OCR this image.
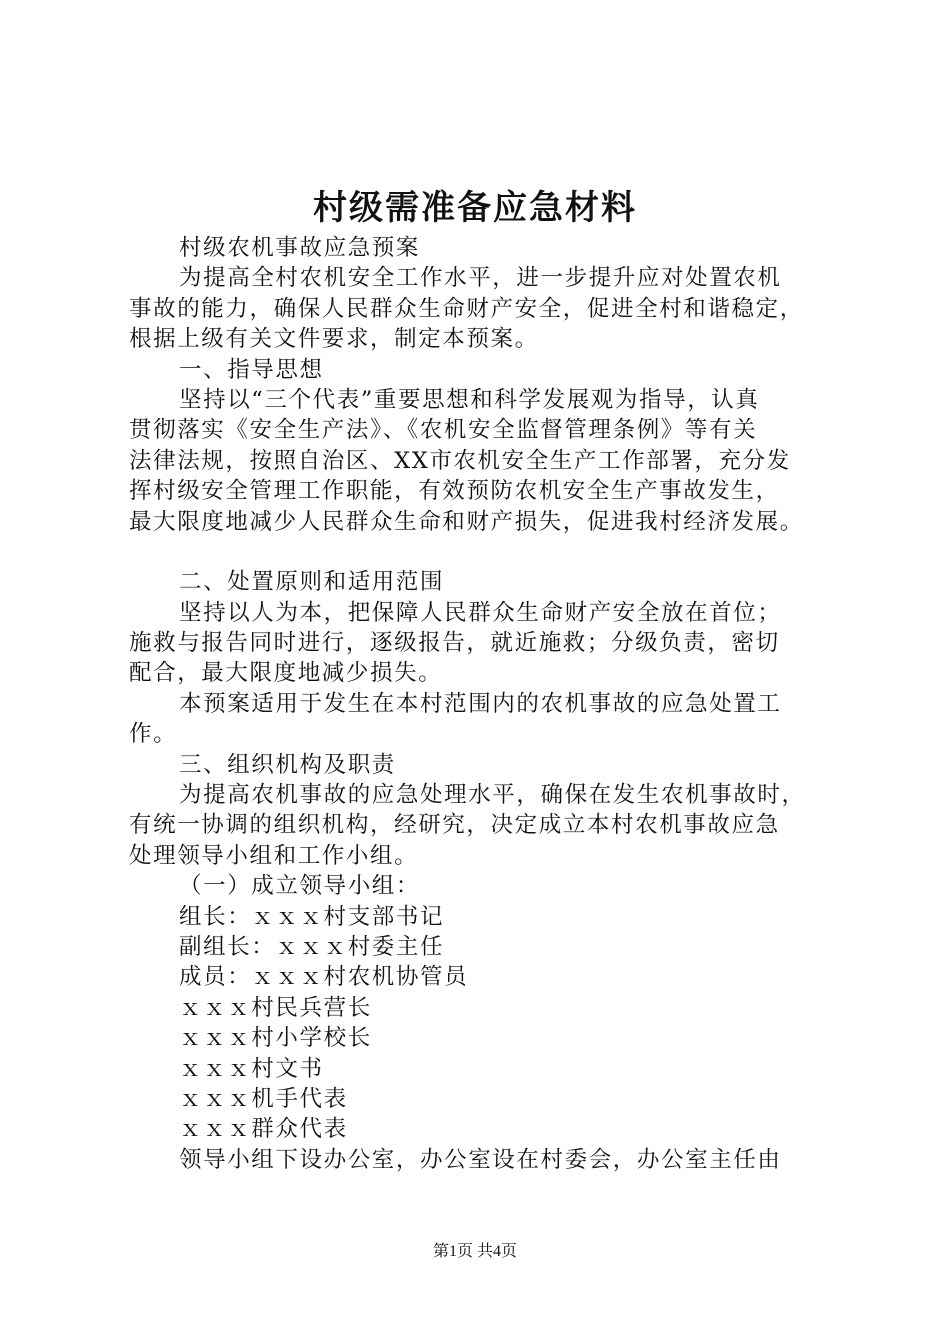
村级需准备应急材料
村级农机事故应急预案
为提高全村农机安全工作水平，进一步提升应对处置农机
事故的能力，确保人民群众生命财产安全，促进全村和谐稳定，
根据上级有关文件要求，制定本预案。
一、指导思想
坚持以“三个代表”重要思想和科学发展观为指导，认真
贯彻落实《安全生产法》、《农机安全监督管理条例》等有关
法律法规，按照自治区、XX市农机安全生产工作部署，充分发
挥村级安全管理工作职能，有效预防农机安全生产事故发生，
最大限度地减少人民群众生命和财产损失，促进我村经济发展。
二、处置原则和适用范围
坚持以人为本，把保障人民群众生命财产安全放在首位；
施救与报告同时进行，逐级报告，就近施救；分级负责，密切
配合，最大限度地减少损失。
本预案适用于发生在本村范围内的农机事故的应急处置工
作。
三、组织机构及职责
为提高农机事故的应急处理水平，确保在发生农机事故时，
有统一协调的组织机构，经研究，决定成立本村农机事故应急
处理领导小组和工作小组。
（一）成立领导小组：
组长：ｘｘｘ村支部书记
副组长：ｘｘｘ村委主任
成员：ｘｘｘ村农机协管员
ｘｘｘ村民兵营长
ｘｘｘ村小学校长
ｘｘｘ村文书
ｘｘｘ机手代表
ｘｘｘ群众代表
领导小组下设办公室，办公室设在村委会，办公室主任由
第1页 共4页
